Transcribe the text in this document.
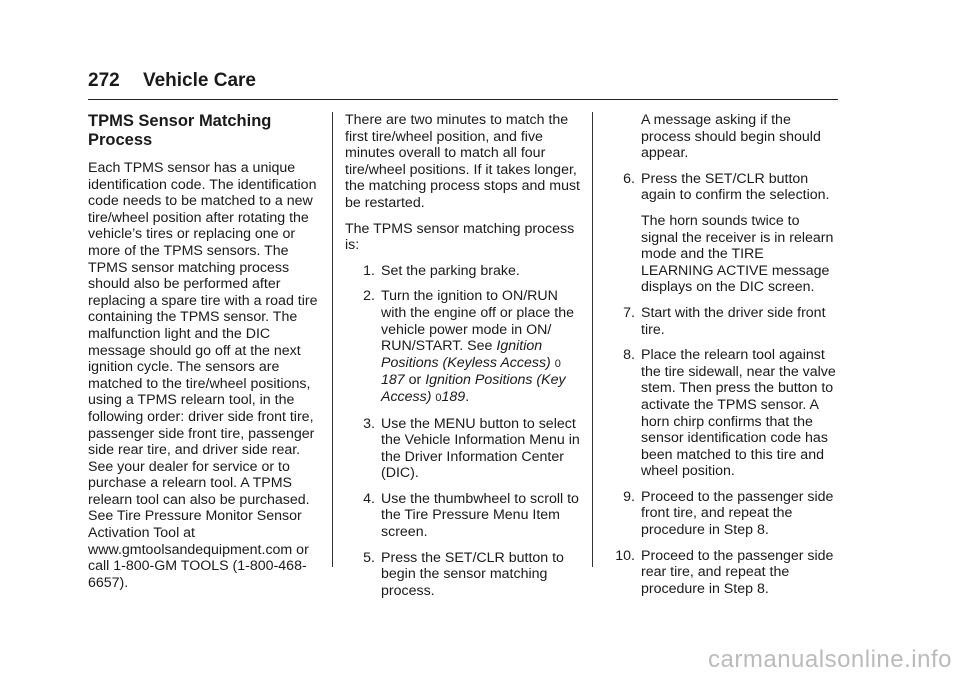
272 Vehicle Care
TPMS Sensor Matching Process

Each TPMS sensor has a unique identification code. The identification code needs to be matched to a new tire/wheel position after rotating the vehicle’s tires or replacing one or more of the TPMS sensors. The TPMS sensor matching process should also be performed after replacing a spare tire with a road tire containing the TPMS sensor. The malfunction light and the DIC message should go off at the next ignition cycle. The sensors are matched to the tire/wheel positions, using a TPMS relearn tool, in the following order: driver side front tire, passenger side front tire, passenger side rear tire, and driver side rear. See your dealer for service or to purchase a relearn tool. A TPMS relearn tool can also be purchased. See Tire Pressure Monitor Sensor Activation Tool at www.gmtoolsandequipment.com or call 1-800-GM TOOLS (1-800-468-6657).

There are two minutes to match the first tire/wheel position, and five minutes overall to match all four tire/wheel positions. If it takes longer, the matching process stops and must be restarted.

The TPMS sensor matching process is:

1. Set the parking brake.
2. Turn the ignition to ON/RUN with the engine off or place the vehicle power mode in ON/ RUN/START. See Ignition Positions (Keyless Access) 0 187 or Ignition Positions (Key Access) 0189.
3. Use the MENU button to select the Vehicle Information Menu in the Driver Information Center (DIC).
4. Use the thumbwheel to scroll to the Tire Pressure Menu Item screen.
5. Press the SET/CLR button to begin the sensor matching process.
A message asking if the process should begin should appear.
6. Press the SET/CLR button again to confirm the selection.
The horn sounds twice to signal the receiver is in relearn mode and the TIRE LEARNING ACTIVE message displays on the DIC screen.
7. Start with the driver side front tire.
8. Place the relearn tool against the tire sidewall, near the valve stem. Then press the button to activate the TPMS sensor. A horn chirp confirms that the sensor identification code has been matched to this tire and wheel position.
9. Proceed to the passenger side front tire, and repeat the procedure in Step 8.
10. Proceed to the passenger side rear tire, and repeat the procedure in Step 8.
carmanualsonline.info
